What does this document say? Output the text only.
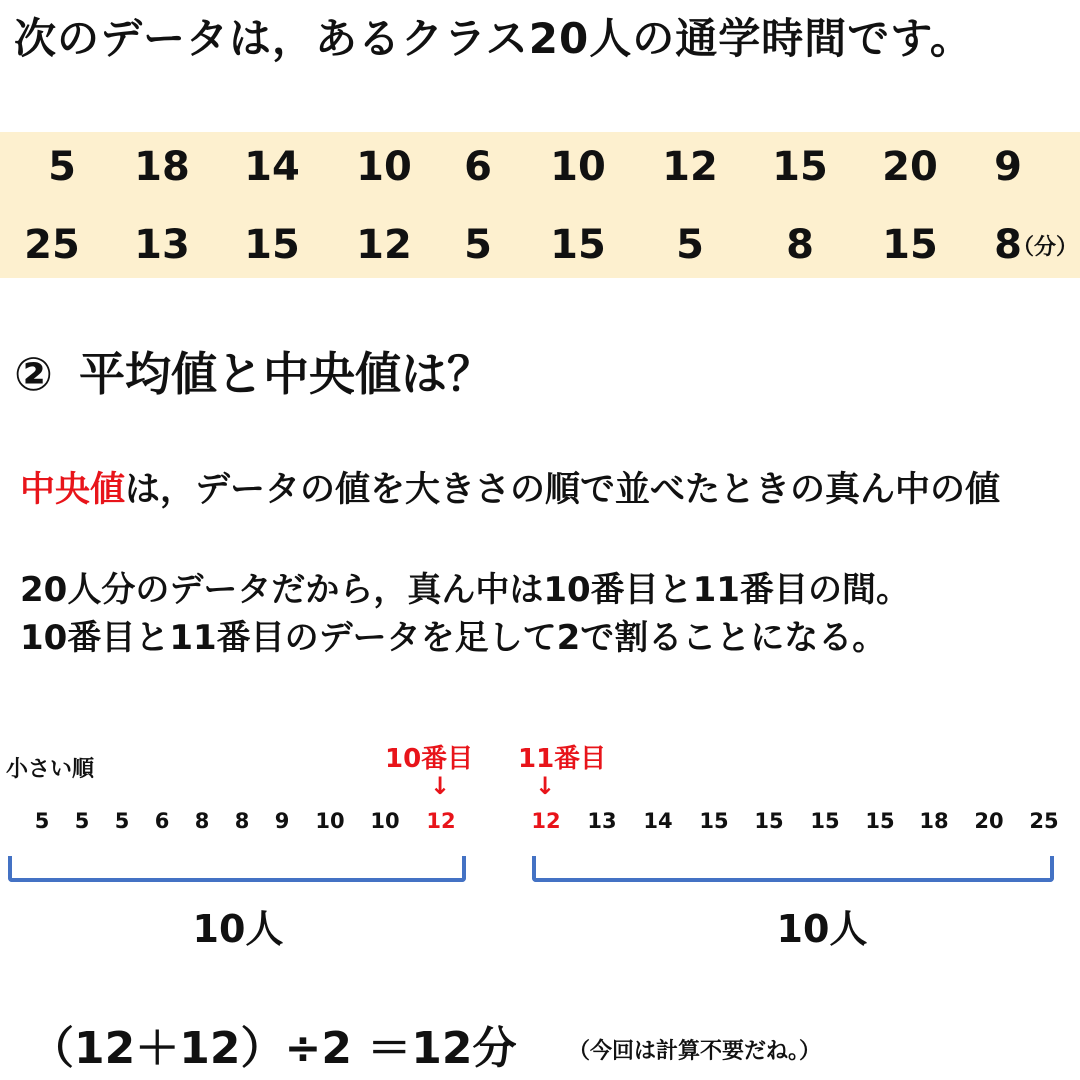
次のデータは，あるクラス20人の通学時間です。
5	18	14	10	6	10	12	15	20	9
25	13	15	12	5	15	5	8	15	8
（分）
② 平均値と中央値は？
中央値は，データの値を大きさの順で並べたときの真ん中の値
20人分のデータだから，真ん中は10番目と11番目の間。
10番目と11番目のデータを足して2で割ることになる。
小さい順	10番目
↓
11番目
↓
5	5	5	6	8	8	9	10	10	12	12	13	14	15	15	15	15	18	20	25
10人	10人
（12＋12）÷2 ＝12分 （今回は計算不要だね。）
